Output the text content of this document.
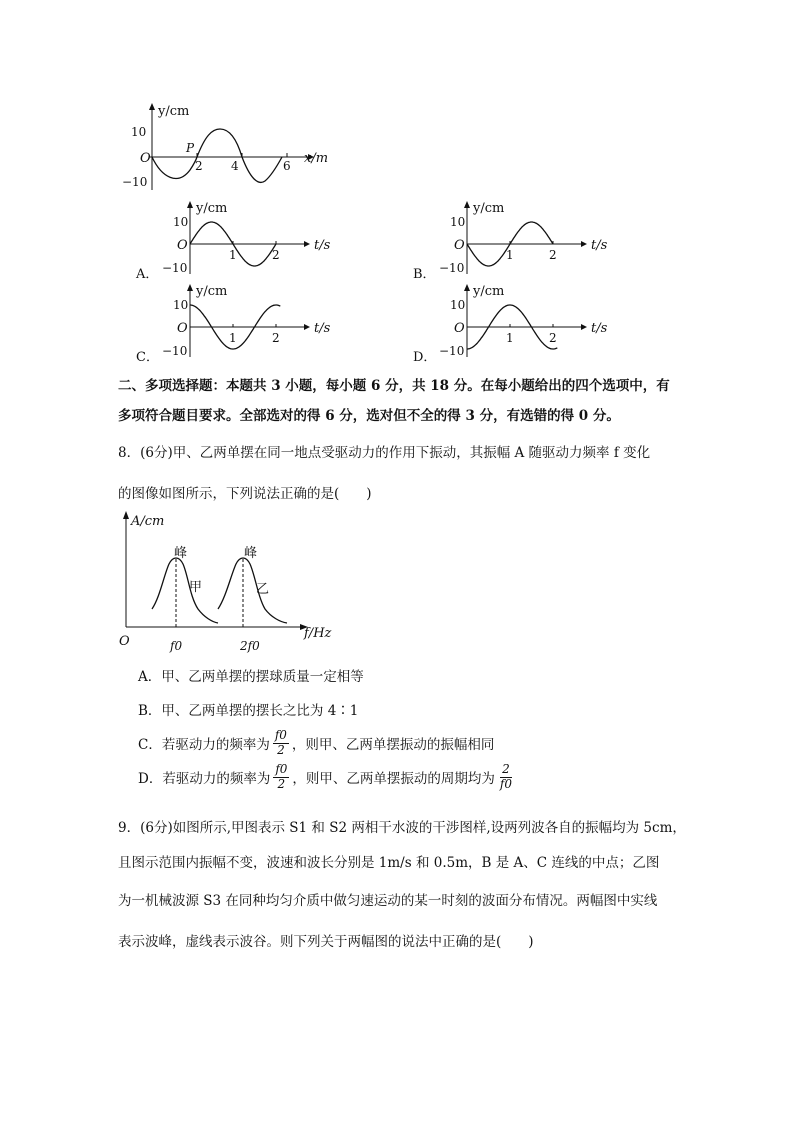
y/cm
x/m
O
10
−10
2 4	6
P
y/cm
t/s
O
10
−10
1	2
A．
y/cm
t/s
O
10
−10
1	2
B．
y/cm
t/s
O
10
−10
1	2
C．
y/cm
t/s
O
10
−10
1	2
D．
二、多项选择题：本题共 3 小题，每小题 6 分，共 18 分。在每小题给出的四个选项中，有
多项符合题目要求。全部选对的得 6 分，选对但不全的得 3 分，有选错的得 0 分。
8．(6分)甲、乙两单摆在同一地点受驱动力的作用下振动，其振幅 A 随驱动力频率 f 变化
的图像如图所示，下列说法正确的是(　　)
A/cm
f/Hz
O
峰	峰
甲	乙
f0	2f0
A．甲、乙两单摆的摆球质量一定相等
B．甲、乙两单摆的摆长之比为 4∶1
C．若驱动力的频率为 $\frac{f0}{2}$ ，则甲、乙两单摆振动的振幅相同
D．若驱动力的频率为 $\frac{f0}{2}$ ，则甲、乙两单摆振动的周期均为 $\frac{2}{f0}$
9．(6分)如图所示,甲图表示 S1 和 S2 两相干水波的干涉图样,设两列波各自的振幅均为 5cm，
且图示范围内振幅不变，波速和波长分别是 1m/s 和 0.5m，B 是 A、C 连线的中点；乙图
为一机械波源 S3 在同种均匀介质中做匀速运动的某一时刻的波面分布情况。两幅图中实线
表示波峰，虚线表示波谷。则下列关于两幅图的说法中正确的是(　　)
